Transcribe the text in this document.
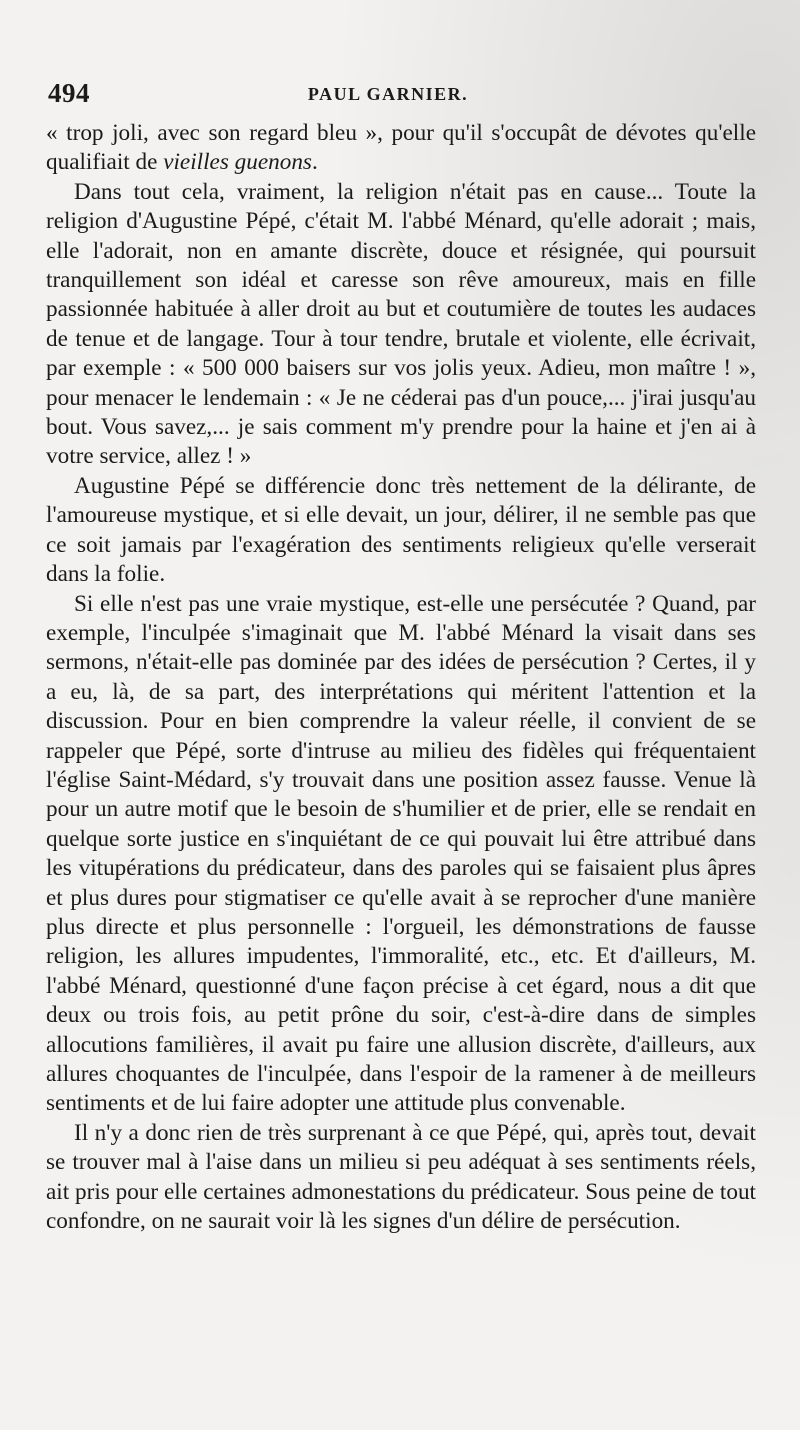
494	PAUL GARNIER.

« trop joli, avec son regard bleu », pour qu'il s'occupât de dévotes qu'elle qualifiait de vieilles guenons.

Dans tout cela, vraiment, la religion n'était pas en cause... Toute la religion d'Augustine Pépé, c'était M. l'abbé Ménard, qu'elle adorait ; mais, elle l'adorait, non en amante discrète, douce et résignée, qui poursuit tranquillement son idéal et caresse son rêve amoureux, mais en fille passionnée habituée à aller droit au but et coutumière de toutes les audaces de tenue et de langage. Tour à tour tendre, brutale et violente, elle écrivait, par exemple : « 500 000 baisers sur vos jolis yeux. Adieu, mon maître ! », pour menacer le lendemain : « Je ne céderai pas d'un pouce,... j'irai jusqu'au bout. Vous savez,... je sais comment m'y prendre pour la haine et j'en ai à votre service, allez ! »

Augustine Pépé se différencie donc très nettement de la délirante, de l'amoureuse mystique, et si elle devait, un jour, délirer, il ne semble pas que ce soit jamais par l'exagération des sentiments religieux qu'elle verserait dans la folie.

Si elle n'est pas une vraie mystique, est-elle une persécutée ? Quand, par exemple, l'inculpée s'imaginait que M. l'abbé Ménard la visait dans ses sermons, n'était-elle pas dominée par des idées de persécution ? Certes, il y a eu, là, de sa part, des interprétations qui méritent l'attention et la discussion. Pour en bien comprendre la valeur réelle, il convient de se rappeler que Pépé, sorte d'intruse au milieu des fidèles qui fréquentaient l'église Saint-Médard, s'y trouvait dans une position assez fausse. Venue là pour un autre motif que le besoin de s'humilier et de prier, elle se rendait en quelque sorte justice en s'inquiétant de ce qui pouvait lui être attribué dans les vitupérations du prédicateur, dans des paroles qui se faisaient plus âpres et plus dures pour stigmatiser ce qu'elle avait à se reprocher d'une manière plus directe et plus personnelle : l'orgueil, les démonstrations de fausse religion, les allures impudentes, l'immoralité, etc., etc. Et d'ailleurs, M. l'abbé Ménard, questionné d'une façon précise à cet égard, nous a dit que deux ou trois fois, au petit prône du soir, c'est-à-dire dans de simples allocutions familières, il avait pu faire une allusion discrète, d'ailleurs, aux allures choquantes de l'inculpée, dans l'espoir de la ramener à de meilleurs sentiments et de lui faire adopter une attitude plus convenable.

Il n'y a donc rien de très surprenant à ce que Pépé, qui, après tout, devait se trouver mal à l'aise dans un milieu si peu adéquat à ses sentiments réels, ait pris pour elle certaines admonestations du prédicateur. Sous peine de tout confondre, on ne saurait voir là les signes d'un délire de persécution.
